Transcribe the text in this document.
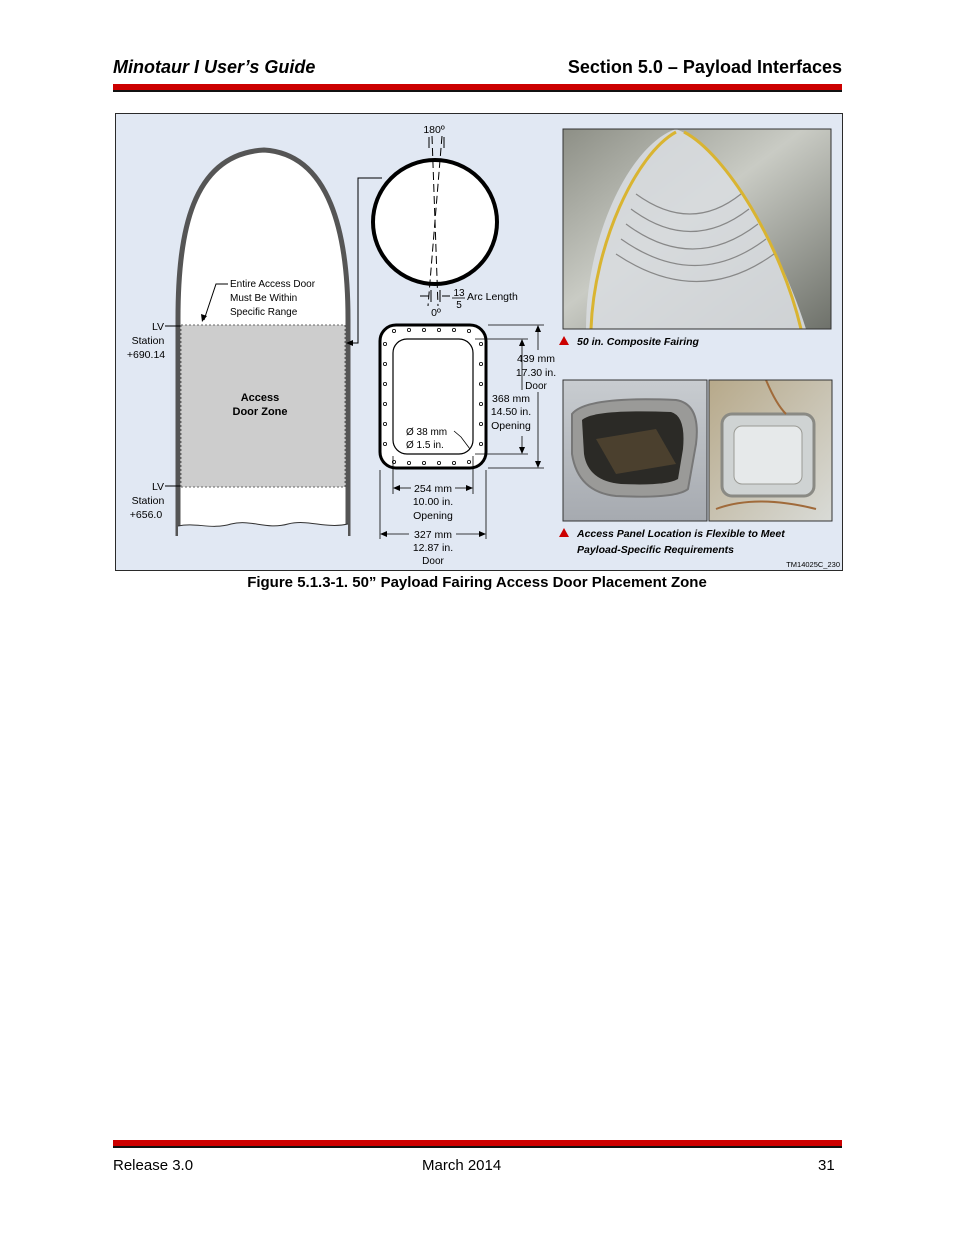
Minotaur I User’s Guide	Section 5.0 – Payload Interfaces
Entire Access Door
Must Be Within
Specific Range
LV
Station
+690.14
LV
Station
+656.0
Access
Door Zone
180º
0º
13
5
Arc Length
Ø 38 mm
Ø 1.5 in.
439 mm
17.30 in.
Door
368 mm
14.50 in.
Opening
254 mm
10.00 in.
Opening
327 mm
12.87 in.
Door
50 in. Composite Fairing
Access Panel Location is Flexible to Meet
Payload-Specific Requirements
TM14025C_230
Figure 5.1.3-1. 50” Payload Fairing Access Door Placement Zone
Release 3.0	March 2014	31
